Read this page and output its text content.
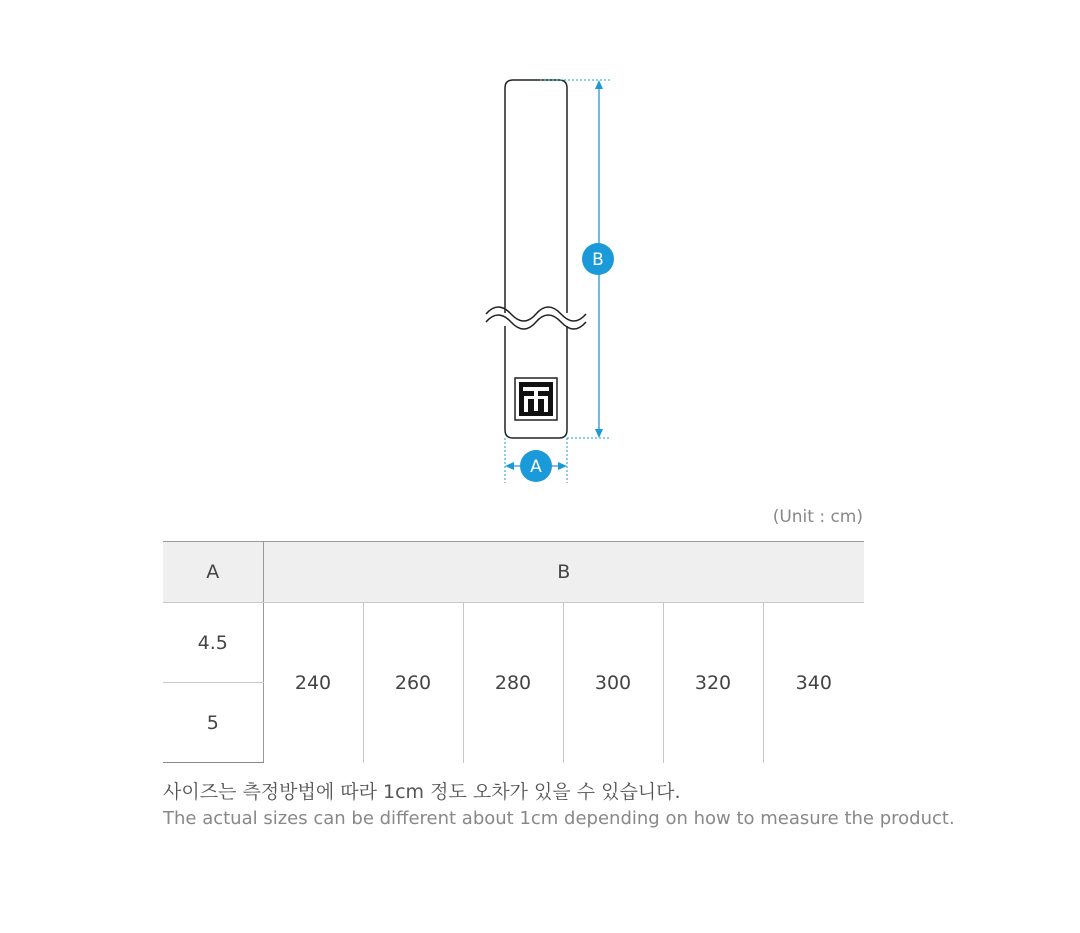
B
A
(Unit : cm)
A	B					
4.5	240	260	280	300	320	340
5						
사이즈는 측정방법에 따라 1cm 정도 오차가 있을 수 있습니다.
The actual sizes can be different about 1cm depending on how to measure the product.
